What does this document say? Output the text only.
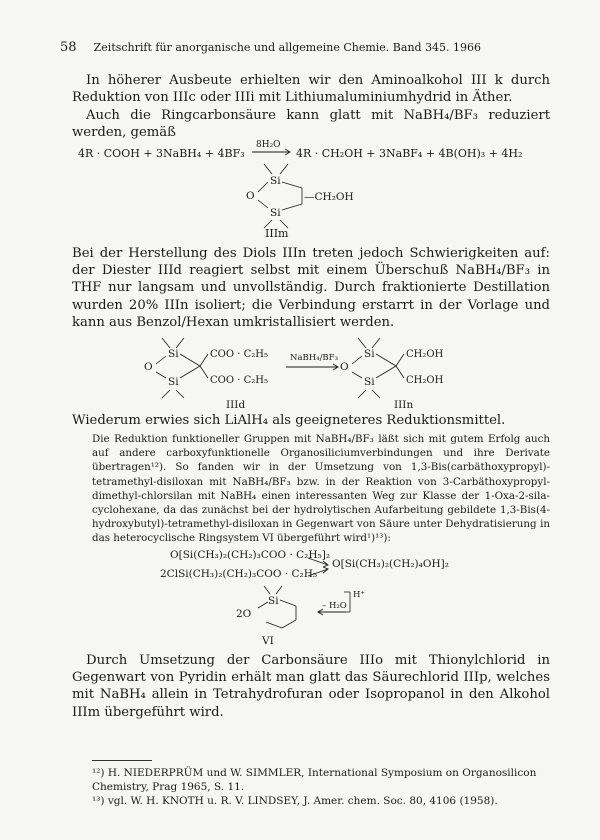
58 Zeitschrift für anorganische und allgemeine Chemie. Band 345. 1966
In höherer Ausbeute erhielten wir den Aminoalkohol III k durch Reduktion von IIIc oder IIIi mit Lithiumaluminiumhydrid in Äther.
Auch die Ringcarbonsäure kann glatt mit NaBH₄/BF₃ reduziert werden, gemäß
4R · COOH + 3NaBH₄ + 4BF₃
8H₂O
4R · CH₂OH + 3NaBF₄ + 4B(OH)₃ + 4H₂
Si
O
Si
—CH₂OH
IIIm
Bei der Herstellung des Diols IIIn treten jedoch Schwierigkeiten auf: der Diester IIId reagiert selbst mit einem Überschuß NaBH₄/BF₃ in THF nur langsam und unvollständig. Durch fraktionierte Destillation wurden 20% IIIn isoliert; die Verbindung erstarrt in der Vorlage und kann aus Benzol/Hexan umkristallisiert werden.
Si
O
Si
COO · C₂H₅
COO · C₂H₅
NaBH₄/BF₃ Si
O
Si
CH₂OH
CH₂OH
IIId	IIIn
Wiederum erwies sich LiAlH₄ als geeigneteres Reduktionsmittel.
Die Reduktion funktioneller Gruppen mit NaBH₄/BF₃ läßt sich mit gutem Erfolg auch auf andere carboxyfunktionelle Organosiliciumverbindungen und ihre Derivate übertragen¹²). So fanden wir in der Umsetzung von 1,3-Bis(carbäthoxypropyl)-tetramethyl-disiloxan mit NaBH₄/BF₃ bzw. in der Reaktion von 3-Carbäthoxypropyl-dimethyl-chlorsilan mit NaBH₄ einen interessanten Weg zur Klasse der 1-Oxa-2-sila-cyclohexane, da das zunächst bei der hydrolytischen Aufarbeitung gebildete 1,3-Bis(4-hydroxybutyl)-tetramethyl-disiloxan in Gegenwart von Säure unter Dehydratisierung in das heterocyclische Ringsystem VI übergeführt wird¹)¹³):
O[Si(CH₃)₂(CH₂)₃COO · C₂H₅]₂
2ClSi(CH₃)₂(CH₂)₃COO · C₂H₅
O[Si(CH₃)₂(CH₂)₄OH]₂
Si
2O
– H₂O
H⁺
VI
Durch Umsetzung der Carbonsäure IIIo mit Thionylchlorid in Gegenwart von Pyridin erhält man glatt das Säurechlorid IIIp, welches mit NaBH₄ allein in Tetrahydrofuran oder Isopropanol in den Alkohol IIIm übergeführt wird.
¹²) H. NIEDERPRÜM und W. SIMMLER, International Symposium on Organosilicon Chemistry, Prag 1965, S. 11.
¹³) vgl. W. H. KNOTH u. R. V. LINDSEY, J. Amer. chem. Soc. 80, 4106 (1958).
